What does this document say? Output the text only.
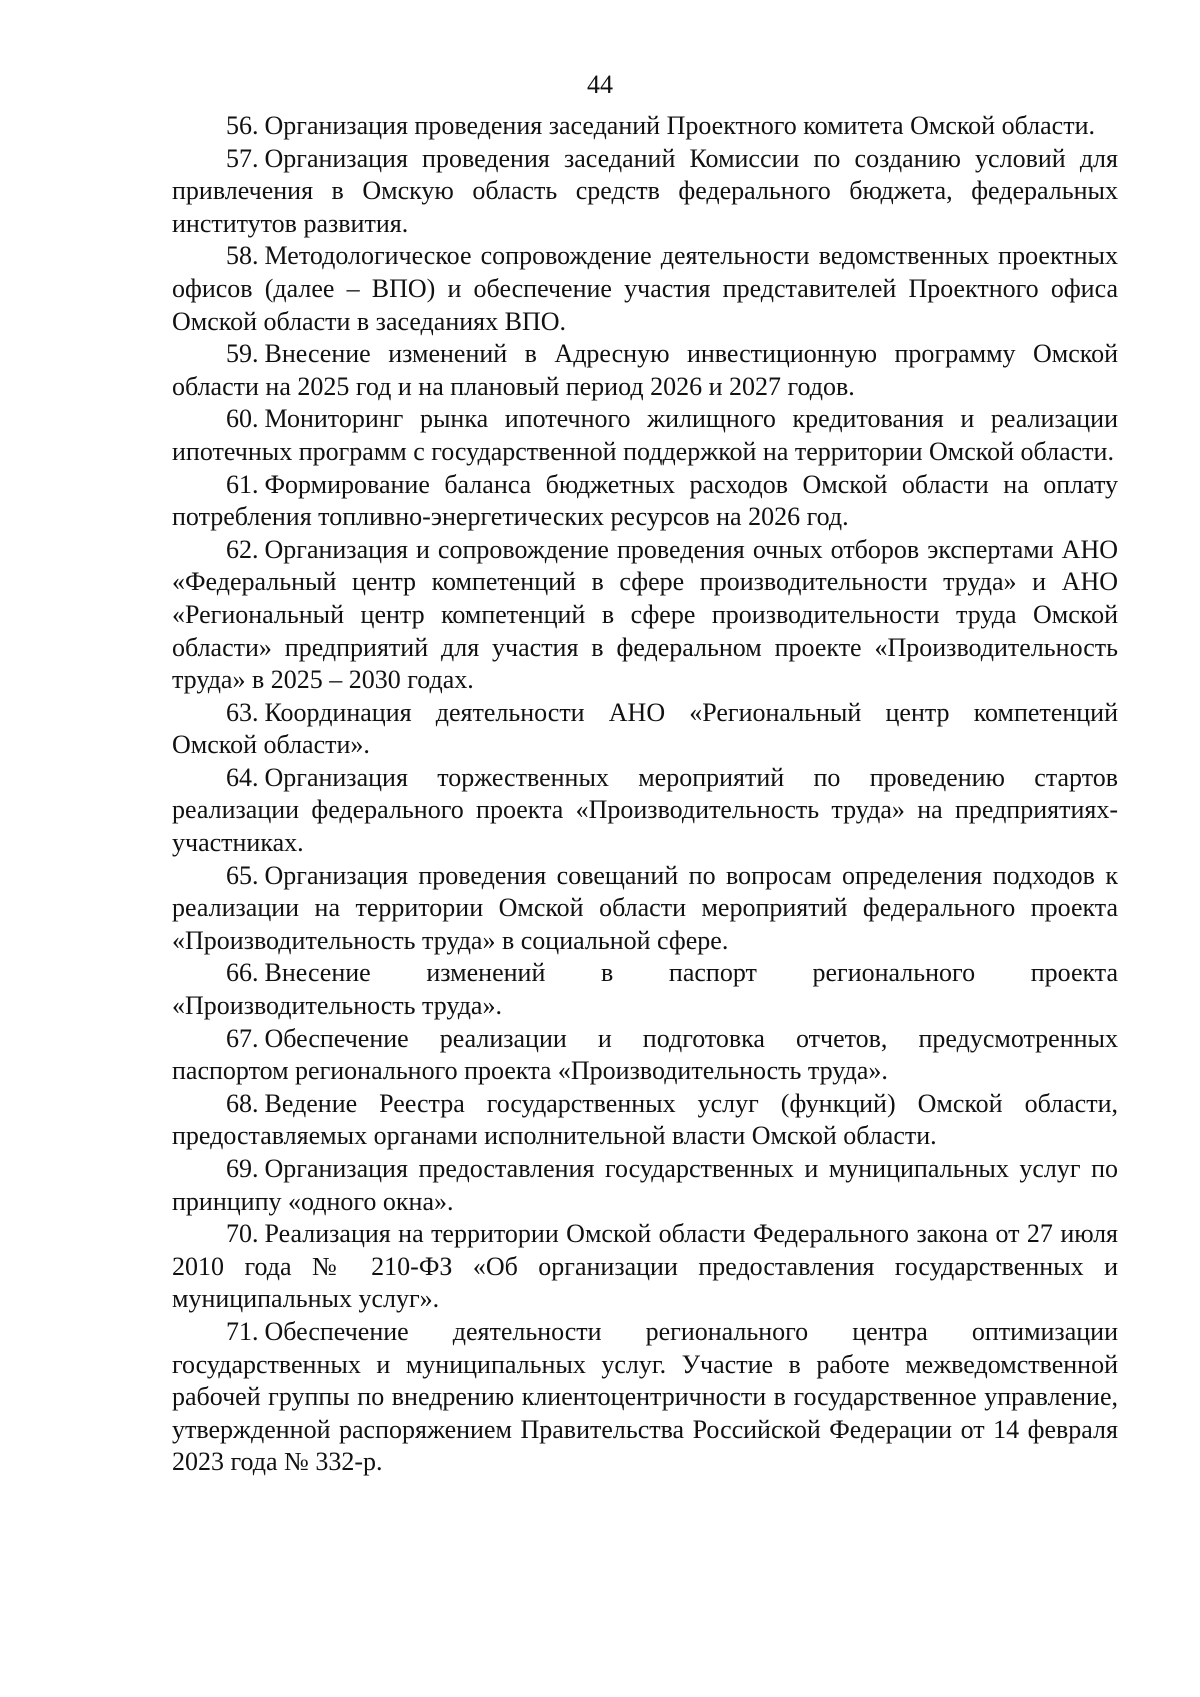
44

56. Организация проведения заседаний Проектного комитета Омской области.

57. Организация проведения заседаний Комиссии по созданию условий для привлечения в Омскую область средств федерального бюджета, федеральных институтов развития.

58. Методологическое сопровождение деятельности ведомственных проектных офисов (далее – ВПО) и обеспечение участия представителей Проектного офиса Омской области в заседаниях ВПО.

59. Внесение изменений в Адресную инвестиционную программу Омской области на 2025 год и на плановый период 2026 и 2027 годов.

60. Мониторинг рынка ипотечного жилищного кредитования и реализации ипотечных программ с государственной поддержкой на территории Омской области.

61. Формирование баланса бюджетных расходов Омской области на оплату потребления топливно-энергетических ресурсов на 2026 год.

62. Организация и сопровождение проведения очных отборов экспертами АНО «Федеральный центр компетенций в сфере производительности труда» и АНО «Региональный центр компетенций в сфере производительности труда Омской области» предприятий для участия в федеральном проекте «Производительность труда» в 2025 – 2030 годах.

63. Координация деятельности АНО «Региональный центр компетенций Омской области».

64. Организация торжественных мероприятий по проведению стартов реализации федерального проекта «Производительность труда» на предприятиях-участниках.

65. Организация проведения совещаний по вопросам определения подходов к реализации на территории Омской области мероприятий федерального проекта «Производительность труда» в социальной сфере.

66. Внесение изменений в паспорт регионального проекта «Производительность труда».

67. Обеспечение реализации и подготовка отчетов, предусмотренных паспортом регионального проекта «Производительность труда».

68. Ведение Реестра государственных услуг (функций) Омской области, предоставляемых органами исполнительной власти Омской области.

69. Организация предоставления государственных и муниципальных услуг по принципу «одного окна».

70. Реализация на территории Омской области Федерального закона от 27 июля 2010 года № 210-ФЗ «Об организации предоставления государственных и муниципальных услуг».

71. Обеспечение деятельности регионального центра оптимизации государственных и муниципальных услуг. Участие в работе межведомственной рабочей группы по внедрению клиентоцентричности в государственное управление, утвержденной распоряжением Правительства Российской Федерации от 14 февраля 2023 года № 332-р.
